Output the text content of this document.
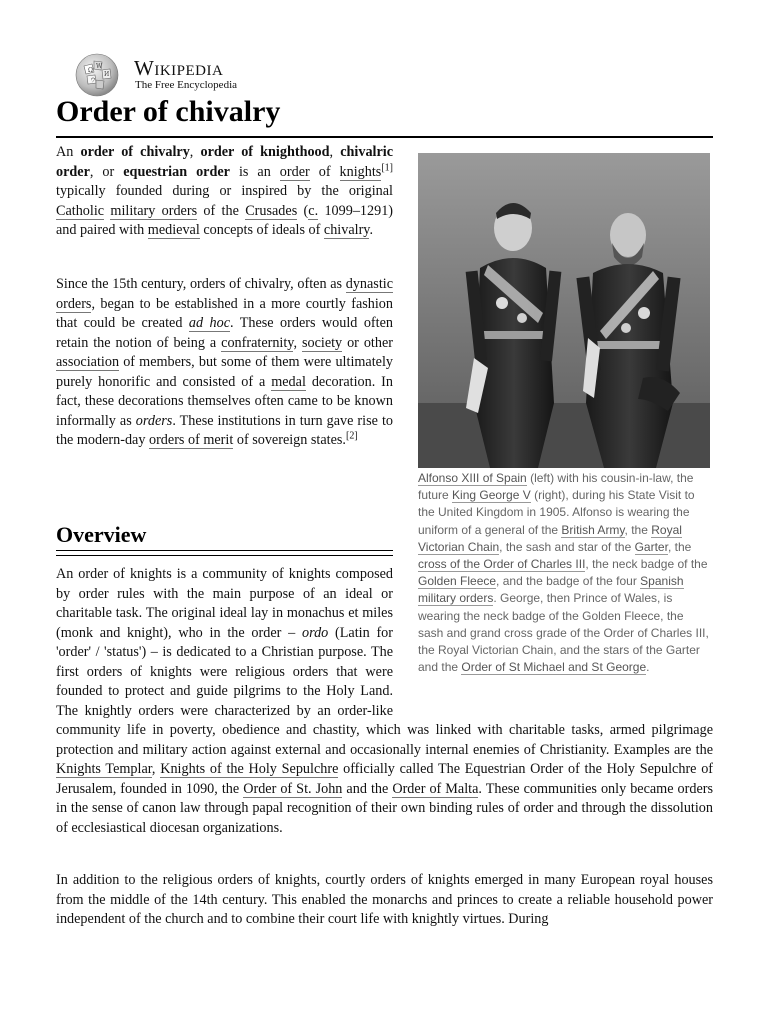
Ω
W
И
ウ
Wikipedia
The Free Encyclopedia
Order of chivalry

An order of chivalry, order of knighthood, chivalric order, or equestrian order is an order of knights[1] typically founded during or inspired by the original Catholic military orders of the Crusades (c. 1099–1291) and paired with medieval concepts of ideals of chivalry.

Since the 15th century, orders of chivalry, often as dynastic orders, began to be established in a more courtly fashion that could be created ad hoc. These orders would often retain the notion of being a confraternity, society or other association of members, but some of them were ultimately purely honorific and consisted of a medal decoration. In fact, these decorations themselves often came to be known informally as orders. These institutions in turn gave rise to the modern-day orders of merit of sovereign states.[2]

Overview

An order of knights is a community of knights composed by order rules with the main purpose of an ideal or charitable task. The original ideal lay in monachus et miles (monk and knight), who in the order – ordo (Latin for 'order' / 'status') – is dedicated to a Christian purpose. The first orders of knights were religious orders that were founded to protect and guide pilgrims to the Holy Land. The knightly orders were characterized by an order-like community life in poverty, obedience and chastity, which was linked with charitable tasks, armed pilgrimage protection and military action against external and occasionally internal enemies of Christianity. Examples are the Knights Templar, Knights of the Holy Sepulchre officially called The Equestrian Order of the Holy Sepulchre of Jerusalem, founded in 1090, the Order of St. John and the Order of Malta. These communities only became orders in the sense of canon law through papal recognition of their own binding rules of order and through the dissolution of ecclesiastical diocesan organizations.

In addition to the religious orders of knights, courtly orders of knights emerged in many European royal houses from the middle of the 14th century. This enabled the monarchs and princes to create a reliable household power independent of the church and to combine their court life with knightly virtues. During

Alfonso XIII of Spain (left) with his cousin-in-law, the future King George V (right), during his State Visit to the United Kingdom in 1905. Alfonso is wearing the uniform of a general of the British Army, the Royal Victorian Chain, the sash and star of the Garter, the cross of the Order of Charles III, the neck badge of the Golden Fleece, and the badge of the four Spanish military orders. George, then Prince of Wales, is wearing the neck badge of the Golden Fleece, the sash and grand cross grade of the Order of Charles III, the Royal Victorian Chain, and the stars of the Garter and the Order of St Michael and St George.
